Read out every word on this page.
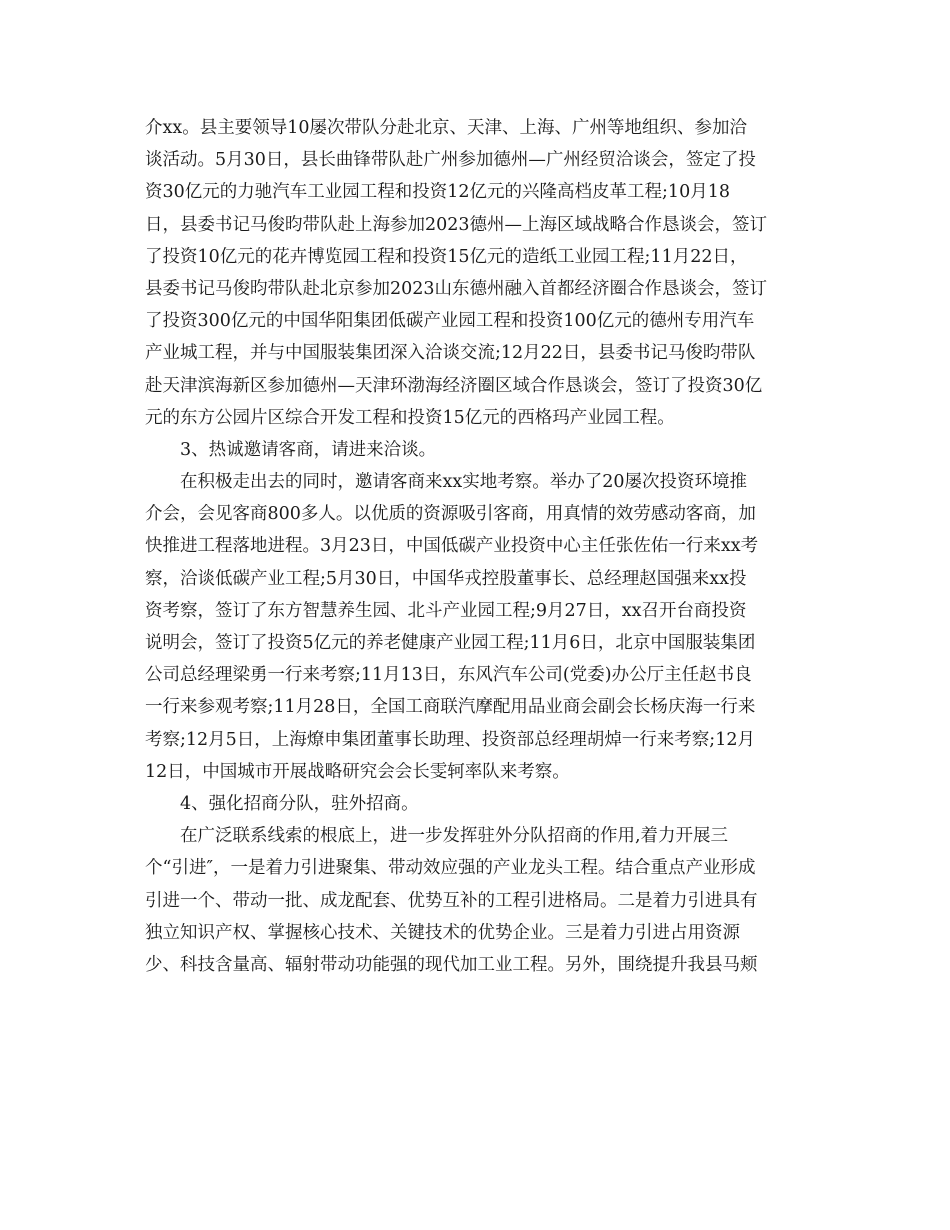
介xx。县主要领导10屡次带队分赴北京、天津、上海、广州等地组织、参加洽
谈活动。5月30日，县长曲锋带队赴广州参加德州—广州经贸洽谈会，签定了投
资30亿元的力驰汽车工业园工程和投资12亿元的兴隆高档皮革工程;10月18
日，县委书记马俊昀带队赴上海参加2023德州—上海区域战略合作恳谈会，签订
了投资10亿元的花卉博览园工程和投资15亿元的造纸工业园工程;11月22日，
县委书记马俊昀带队赴北京参加2023山东德州融入首都经济圈合作恳谈会，签订
了投资300亿元的中国华阳集团低碳产业园工程和投资100亿元的德州专用汽车
产业城工程，并与中国服装集团深入洽谈交流;12月22日，县委书记马俊昀带队
赴天津滨海新区参加德州—天津环渤海经济圈区域合作恳谈会，签订了投资30亿
元的东方公园片区综合开发工程和投资15亿元的西格玛产业园工程。
3、热诚邀请客商，请进来洽谈。
在积极走出去的同时，邀请客商来xx实地考察。举办了20屡次投资环境推
介会，会见客商800多人。以优质的资源吸引客商，用真情的效劳感动客商，加
快推进工程落地进程。3月23日，中国低碳产业投资中心主任张佐佑一行来xx考
察，洽谈低碳产业工程;5月30日，中国华戎控股董事长、总经理赵国强来xx投
资考察，签订了东方智慧养生园、北斗产业园工程;9月27日，xx召开台商投资
说明会，签订了投资5亿元的养老健康产业园工程;11月6日，北京中国服装集团
公司总经理梁勇一行来考察;11月13日，东风汽车公司(党委)办公厅主任赵书良
一行来参观考察;11月28日，全国工商联汽摩配用品业商会副会长杨庆海一行来
考察;12月5日，上海燎申集团董事长助理、投资部总经理胡焯一行来考察;12月
12日，中国城市开展战略研究会会长雯轲率队来考察。
4、强化招商分队，驻外招商。
在广泛联系线索的根底上，进一步发挥驻外分队招商的作用,着力开展三
个“引进″，一是着力引进聚集、带动效应强的产业龙头工程。结合重点产业形成
引进一个、带动一批、成龙配套、优势互补的工程引进格局。二是着力引进具有
独立知识产权、掌握核心技术、关键技术的优势企业。三是着力引进占用资源
少、科技含量高、辐射带动功能强的现代加工业工程。另外，围绕提升我县马颊
